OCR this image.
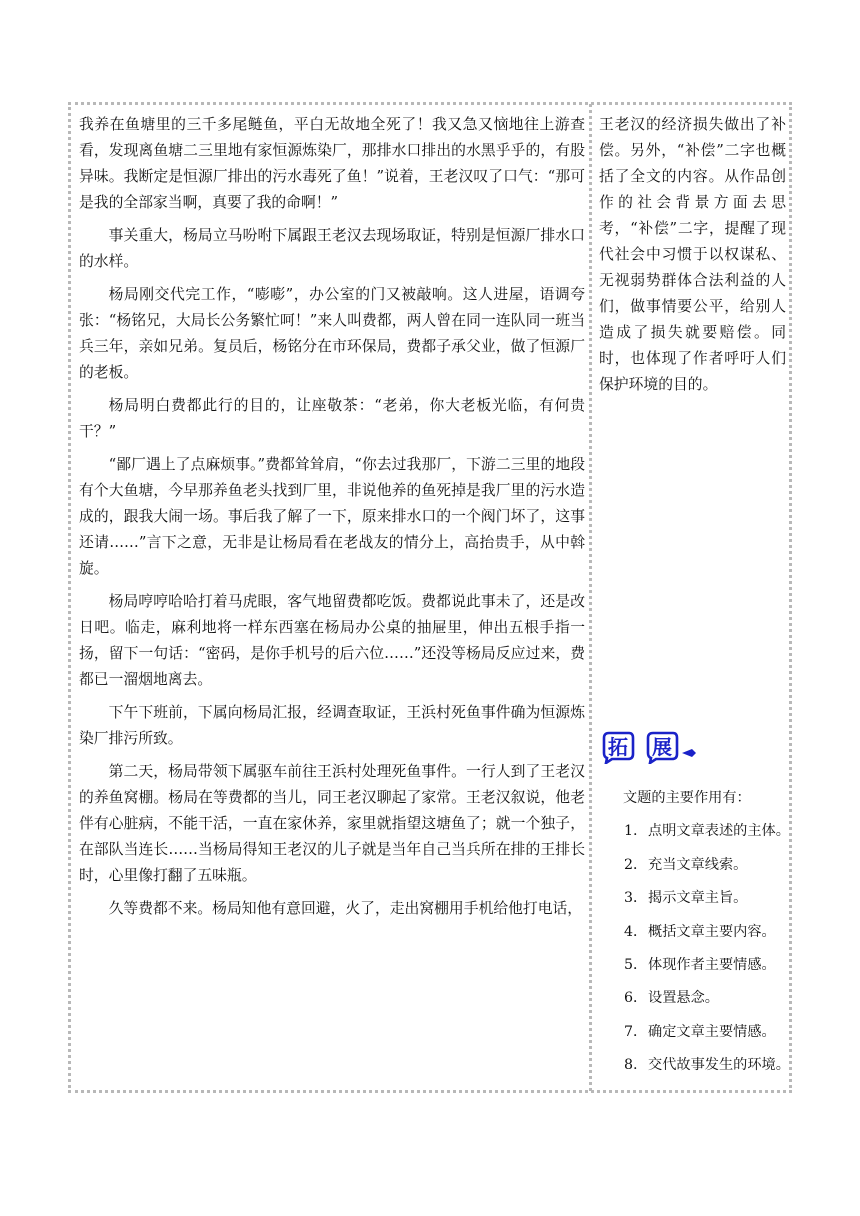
我养在鱼塘里的三千多尾鲢鱼，平白无故地全死了！我又急又恼地往上游查看，发现离鱼塘二三里地有家恒源炼染厂，那排水口排出的水黑乎乎的，有股异味。我断定是恒源厂排出的污水毒死了鱼！”说着，王老汉叹了口气：“那可是我的全部家当啊，真要了我的命啊！”

事关重大，杨局立马吩咐下属跟王老汉去现场取证，特别是恒源厂排水口的水样。

杨局刚交代完工作，“嘭嘭”，办公室的门又被敲响。这人进屋，语调夸张：“杨铭兄，大局长公务繁忙呵！”来人叫费都，两人曾在同一连队同一班当兵三年，亲如兄弟。复员后，杨铭分在市环保局，费都子承父业，做了恒源厂的老板。

杨局明白费都此行的目的，让座敬茶：“老弟，你大老板光临，有何贵干？”

“鄙厂遇上了点麻烦事。”费都耸耸肩，“你去过我那厂，下游二三里的地段有个大鱼塘，今早那养鱼老头找到厂里，非说他养的鱼死掉是我厂里的污水造成的，跟我大闹一场。事后我了解了一下，原来排水口的一个阀门坏了，这事还请……”言下之意，无非是让杨局看在老战友的情分上，高抬贵手，从中斡旋。

杨局哼哼哈哈打着马虎眼，客气地留费都吃饭。费都说此事未了，还是改日吧。临走，麻利地将一样东西塞在杨局办公桌的抽屉里，伸出五根手指一扬，留下一句话：“密码，是你手机号的后六位……”还没等杨局反应过来，费都已一溜烟地离去。

下午下班前，下属向杨局汇报，经调查取证，王浜村死鱼事件确为恒源炼染厂排污所致。

第二天，杨局带领下属驱车前往王浜村处理死鱼事件。一行人到了王老汉的养鱼窝棚。杨局在等费都的当儿，同王老汉聊起了家常。王老汉叙说，他老伴有心脏病，不能干活，一直在家休养，家里就指望这塘鱼了；就一个独子，在部队当连长……当杨局得知王老汉的儿子就是当年自己当兵所在排的王排长时，心里像打翻了五味瓶。

久等费都不来。杨局知他有意回避，火了，走出窝棚用手机给他打电话，

王老汉的经济损失做出了补偿。另外，“补偿”二字也概括了全文的内容。从作品创作的社会背景方面去思考，“补偿”二字，提醒了现代社会中习惯于以权谋私、无视弱势群体合法利益的人们，做事情要公平，给别人造成了损失就要赔偿。同时，也体现了作者呼吁人们保护环境的目的。

拓	展
文题的主要作用有：
1. 点明文章表述的主体。
2．充当文章线索。
3．揭示文章主旨。
4．概括文章主要内容。
5．体现作者主要情感。
6．设置悬念。
7．确定文章主要情感。
8. 交代故事发生的环境。
